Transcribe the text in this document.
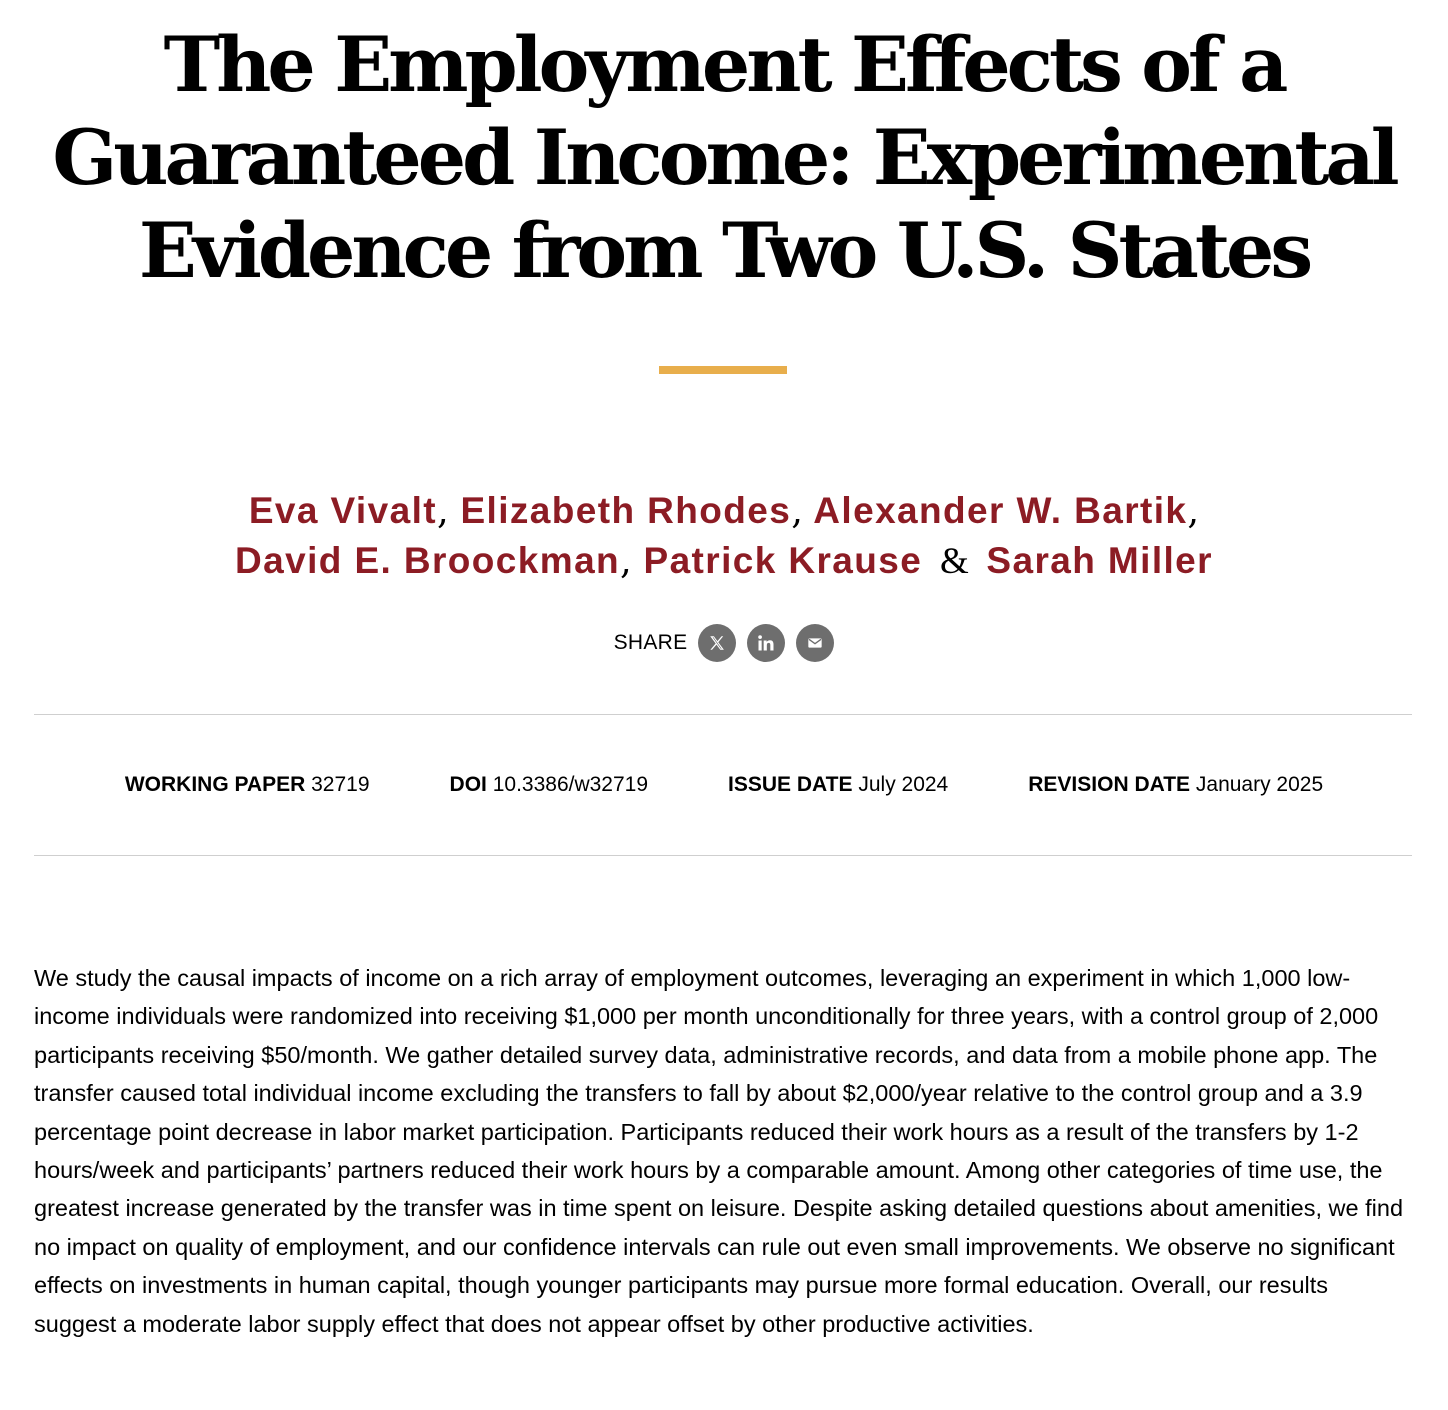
The Employment Effects of a
Guaranteed Income: Experimental
Evidence from Two U.S. States
Eva Vivalt, Elizabeth Rhodes, Alexander W. Bartik,
David E. Broockman, Patrick Krause & Sarah Miller
SHARE
WORKING PAPER 32719	DOI 10.3386/w32719	ISSUE DATE July 2024	REVISION DATE January 2025

We study the causal impacts of income on a rich array of employment outcomes, leveraging an experiment in which 1,000 low-income individuals were randomized into receiving $1,000 per month unconditionally for three years, with a control group of 2,000 participants receiving $50/month. We gather detailed survey data, administrative records, and data from a mobile phone app. The transfer caused total individual income excluding the transfers to fall by about $2,000/year relative to the control group and a 3.9 percentage point decrease in labor market participation. Participants reduced their work hours as a result of the transfers by 1-2 hours/week and participants’ partners reduced their work hours by a comparable amount. Among other categories of time use, the greatest increase generated by the transfer was in time spent on leisure. Despite asking detailed questions about amenities, we find no impact on quality of employment, and our confidence intervals can rule out even small improvements. We observe no significant effects on investments in human capital, though younger participants may pursue more formal education. Overall, our results suggest a moderate labor supply effect that does not appear offset by other productive activities.
